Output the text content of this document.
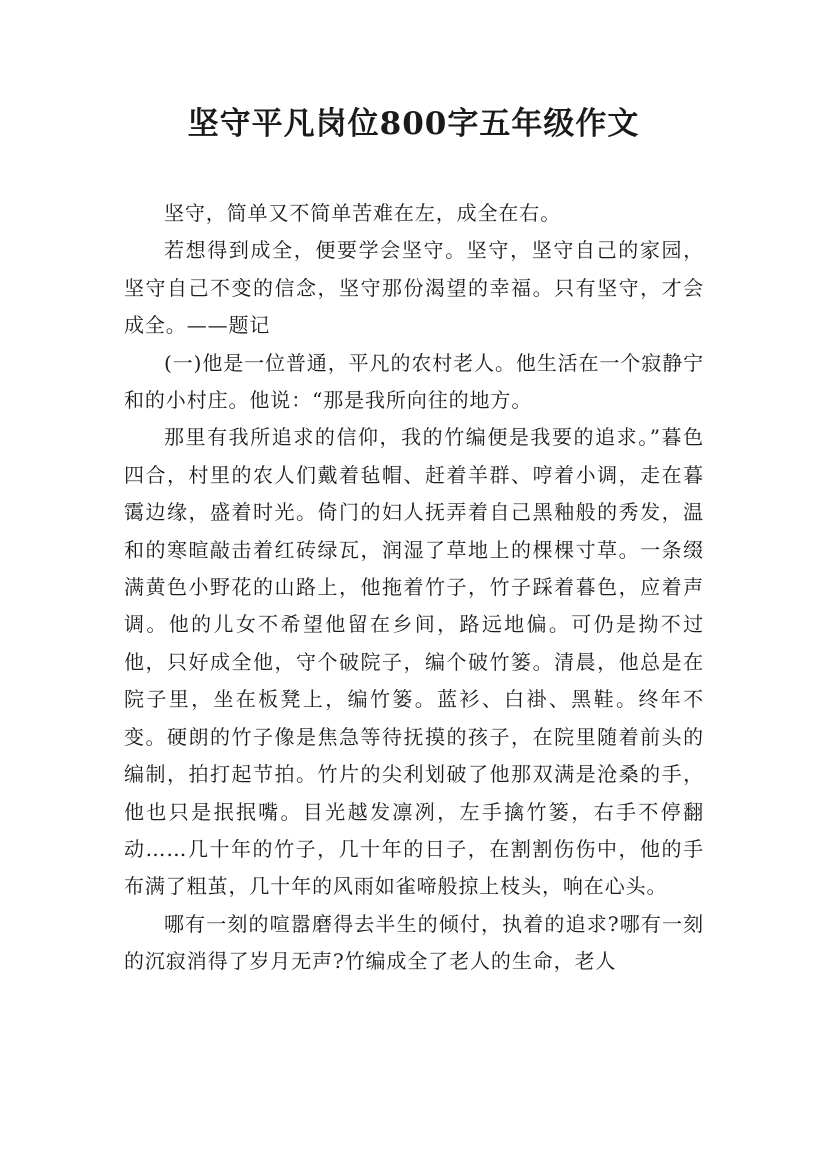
坚守平凡岗位800字五年级作文

坚守，简单又不简单苦难在左，成全在右。

若想得到成全，便要学会坚守。坚守，坚守自己的家园，坚守自己不变的信念，坚守那份渴望的幸福。只有坚守，才会成全。——题记

(一)他是一位普通，平凡的农村老人。他生活在一个寂静宁和的小村庄。他说：“那是我所向往的地方。

那里有我所追求的信仰，我的竹编便是我要的追求。”暮色四合，村里的农人们戴着毡帽、赶着羊群、哼着小调，走在暮霭边缘，盛着时光。倚门的妇人抚弄着自己黑釉般的秀发，温和的寒暄敲击着红砖绿瓦，润湿了草地上的棵棵寸草。一条缀满黄色小野花的山路上，他拖着竹子，竹子踩着暮色，应着声调。他的儿女不希望他留在乡间，路远地偏。可仍是拗不过他，只好成全他，守个破院子，编个破竹篓。清晨，他总是在院子里，坐在板凳上，编竹篓。蓝衫、白褂、黑鞋。终年不变。硬朗的竹子像是焦急等待抚摸的孩子，在院里随着前头的编制，拍打起节拍。竹片的尖利划破了他那双满是沧桑的手，他也只是抿抿嘴。目光越发凛冽，左手擒竹篓，右手不停翻动……几十年的竹子，几十年的日子，在割割伤伤中，他的手布满了粗茧，几十年的风雨如雀啼般掠上枝头，响在心头。

哪有一刻的喧嚣磨得去半生的倾付，执着的追求?哪有一刻的沉寂消得了岁月无声?竹编成全了老人的生命，老人
